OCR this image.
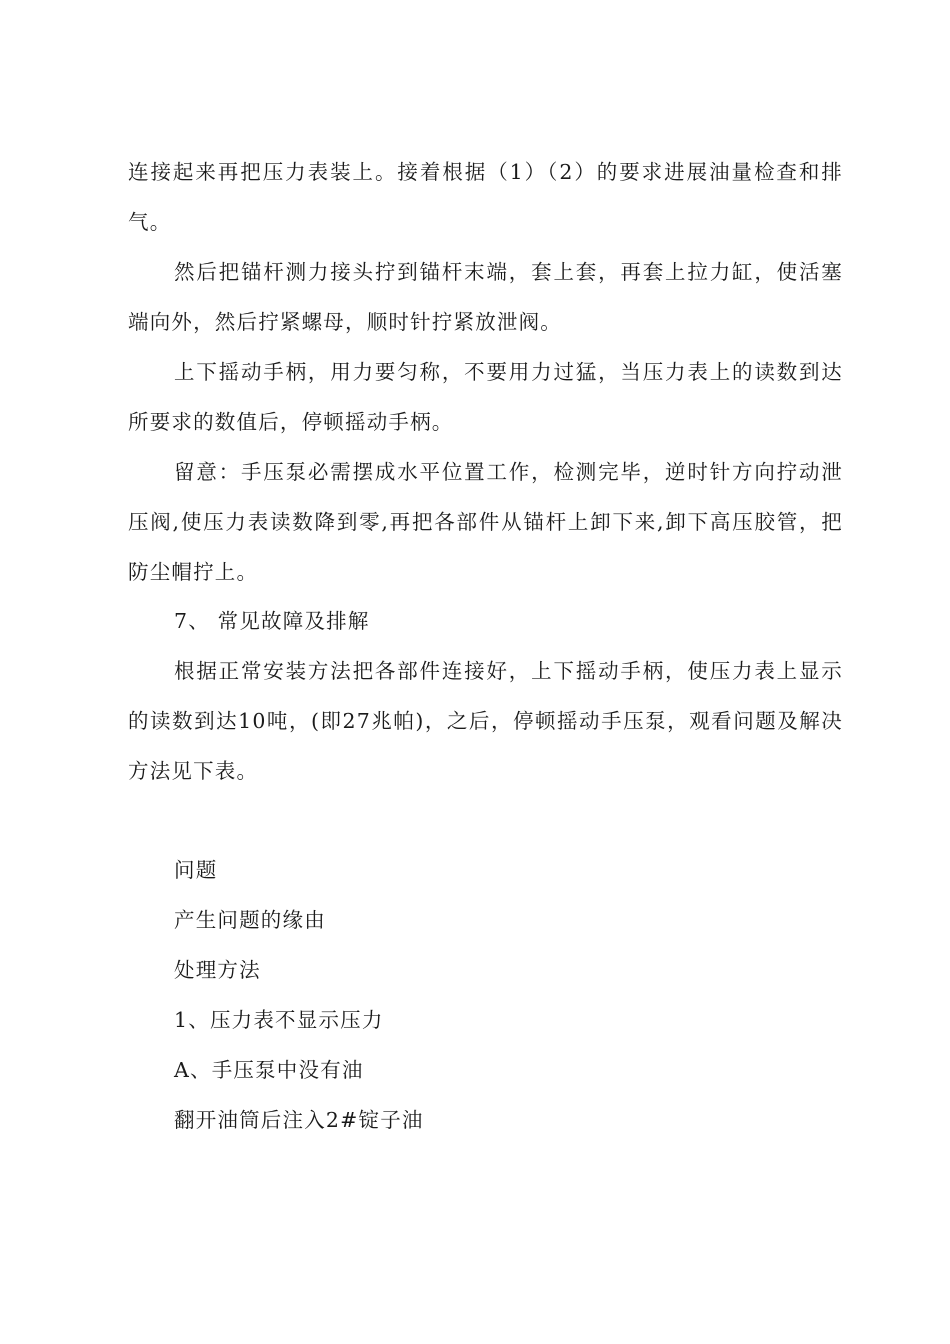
连接起来再把压力表装上。接着根据（1）（2）的要求进展油量检查和排气。

然后把锚杆测力接头拧到锚杆末端，套上套，再套上拉力缸，使活塞端向外，然后拧紧螺母，顺时针拧紧放泄阀。

上下摇动手柄，用力要匀称，不要用力过猛，当压力表上的读数到达所要求的数值后，停顿摇动手柄。

留意：手压泵必需摆成水平位置工作，检测完毕，逆时针方向拧动泄压阀,使压力表读数降到零,再把各部件从锚杆上卸下来,卸下高压胶管，把防尘帽拧上。

7、 常见故障及排解

根据正常安装方法把各部件连接好，上下摇动手柄，使压力表上显示的读数到达10吨，(即27兆帕)，之后，停顿摇动手压泵，观看问题及解决方法见下表。

问题

产生问题的缘由

处理方法

1、压力表不显示压力

A、手压泵中没有油

翻开油筒后注入2#锭子油
